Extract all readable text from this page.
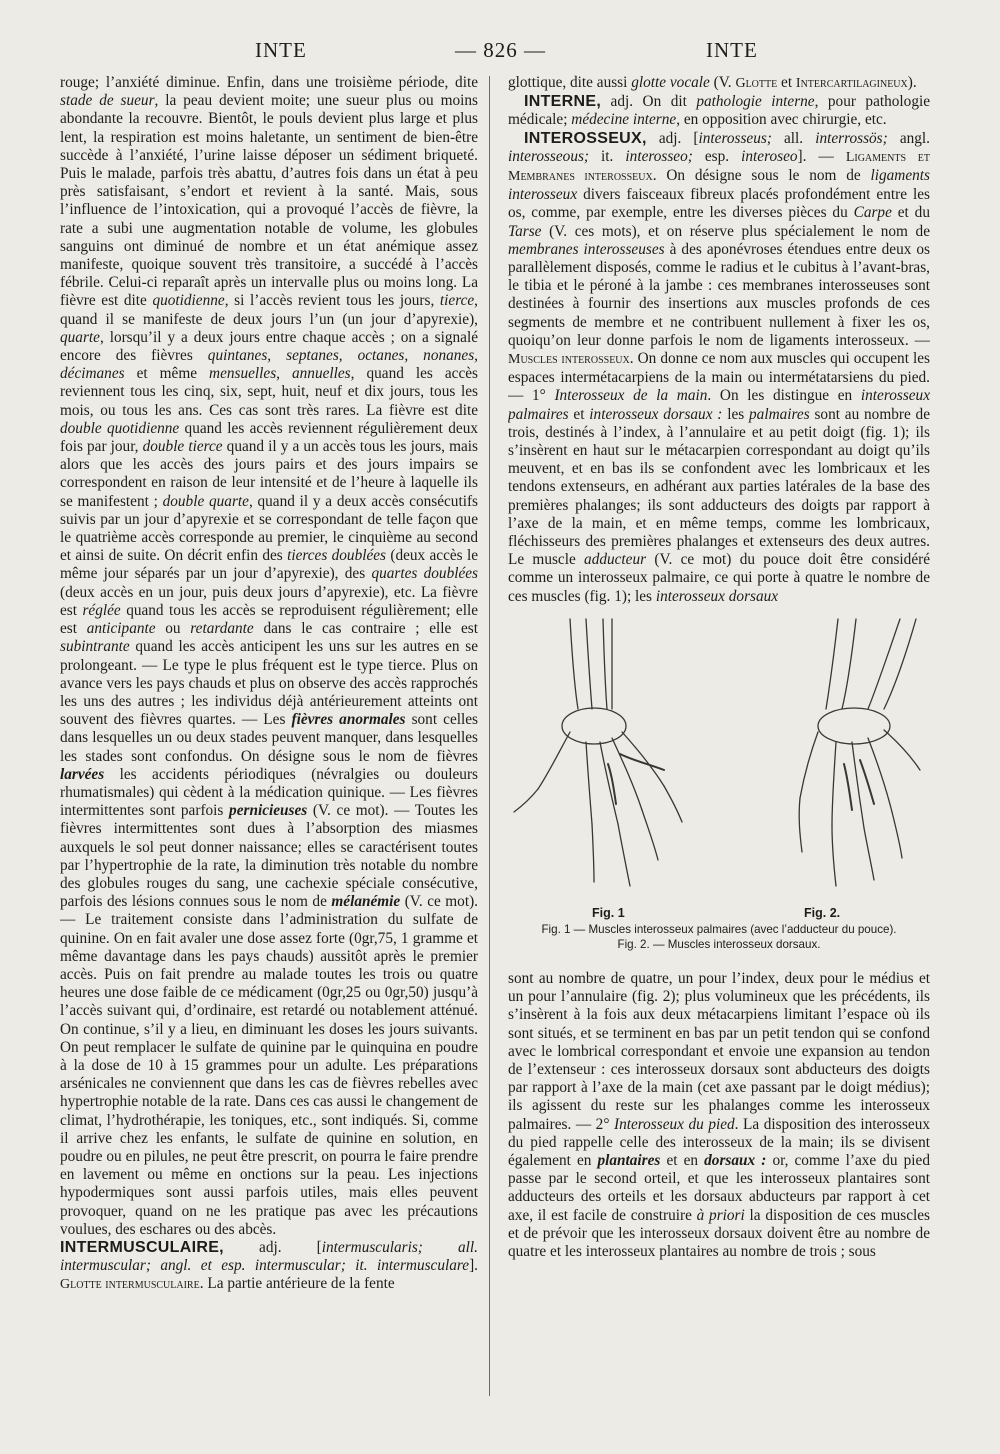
INTE	— 826 —	INTE

rouge; l’anxiété diminue. Enfin, dans une troisième période, dite stade de sueur, la peau devient moite; une sueur plus ou moins abondante la recouvre. Bientôt, le pouls devient plus large et plus lent, la respiration est moins haletante, un sentiment de bien-être succède à l’anxiété, l’urine laisse déposer un sédiment briqueté. Puis le malade, parfois très abattu, d’autres fois dans un état à peu près satisfaisant, s’endort et revient à la santé. Mais, sous l’influence de l’intoxication, qui a provoqué l’accès de fièvre, la rate a subi une augmentation notable de volume, les globules sanguins ont diminué de nombre et un état anémique assez manifeste, quoique souvent très transitoire, a succédé à l’accès fébrile. Celui-ci reparaît après un intervalle plus ou moins long. La fièvre est dite quotidienne, si l’accès revient tous les jours, tierce, quand il se manifeste de deux jours l’un (un jour d’apyrexie), quarte, lorsqu’il y a deux jours entre chaque accès ; on a signalé encore des fièvres quintanes, septanes, octanes, nonanes, décimanes et même mensuelles, annuelles, quand les accès reviennent tous les cinq, six, sept, huit, neuf et dix jours, tous les mois, ou tous les ans. Ces cas sont très rares. La fièvre est dite double quotidienne quand les accès reviennent régulièrement deux fois par jour, double tierce quand il y a un accès tous les jours, mais alors que les accès des jours pairs et des jours impairs se correspondent en raison de leur intensité et de l’heure à laquelle ils se manifestent ; double quarte, quand il y a deux accès consécutifs suivis par un jour d’apyrexie et se correspondant de telle façon que le quatrième accès corresponde au premier, le cinquième au second et ainsi de suite. On décrit enfin des tierces doublées (deux accès le même jour séparés par un jour d’apyrexie), des quartes doublées (deux accès en un jour, puis deux jours d’apyrexie), etc. La fièvre est réglée quand tous les accès se reproduisent régulièrement; elle est anticipante ou retardante dans le cas contraire ; elle est subintrante quand les accès anticipent les uns sur les autres en se prolongeant. — Le type le plus fréquent est le type tierce. Plus on avance vers les pays chauds et plus on observe des accès rapprochés les uns des autres ; les individus déjà antérieurement atteints ont souvent des fièvres quartes. — Les fièvres anormales sont celles dans lesquelles un ou deux stades peuvent manquer, dans lesquelles les stades sont confondus. On désigne sous le nom de fièvres larvées les accidents périodiques (névralgies ou douleurs rhumatismales) qui cèdent à la médication quinique. — Les fièvres intermittentes sont parfois pernicieuses (V. ce mot). — Toutes les fièvres intermittentes sont dues à l’absorption des miasmes auxquels le sol peut donner naissance; elles se caractérisent toutes par l’hypertrophie de la rate, la diminution très notable du nombre des globules rouges du sang, une cachexie spéciale consécutive, parfois des lésions connues sous le nom de mélanémie (V. ce mot). — Le traitement consiste dans l’administration du sulfate de quinine. On en fait avaler une dose assez forte (0gr,75, 1 gramme et même davantage dans les pays chauds) aussitôt après le premier accès. Puis on fait prendre au malade toutes les trois ou quatre heures une dose faible de ce médicament (0gr,25 ou 0gr,50) jusqu’à l’accès suivant qui, d’ordinaire, est retardé ou notablement atténué. On continue, s’il y a lieu, en diminuant les doses les jours suivants. On peut remplacer le sulfate de quinine par le quinquina en poudre à la dose de 10 à 15 grammes pour un adulte. Les préparations arsénicales ne conviennent que dans les cas de fièvres rebelles avec hypertrophie notable de la rate. Dans ces cas aussi le changement de climat, l’hydrothérapie, les toniques, etc., sont indiqués. Si, comme il arrive chez les enfants, le sulfate de quinine en solution, en poudre ou en pilules, ne peut être prescrit, on pourra le faire prendre en lavement ou même en onctions sur la peau. Les injections hypodermiques sont aussi parfois utiles, mais elles peuvent provoquer, quand on ne les pratique pas avec les précautions voulues, des eschares ou des abcès.

INTERMUSCULAIRE, adj. [intermuscularis; all. intermuscular; angl. et esp. intermuscular; it. intermusculare]. Glotte intermusculaire. La partie antérieure de la fente

glottique, dite aussi glotte vocale (V. Glotte et Intercartilagineux).

INTERNE, adj. On dit pathologie interne, pour pathologie médicale; médecine interne, en opposition avec chirurgie, etc.

INTEROSSEUX, adj. [interosseus; all. interrossös; angl. interosseous; it. interosseo; esp. interoseo]. — Ligaments et Membranes interosseux. On désigne sous le nom de ligaments interosseux divers faisceaux fibreux placés profondément entre les os, comme, par exemple, entre les diverses pièces du Carpe et du Tarse (V. ces mots), et on réserve plus spécialement le nom de membranes interosseuses à des aponévroses étendues entre deux os parallèlement disposés, comme le radius et le cubitus à l’avant-bras, le tibia et le péroné à la jambe : ces membranes interosseuses sont destinées à fournir des insertions aux muscles profonds de ces segments de membre et ne contribuent nullement à fixer les os, quoiqu’on leur donne parfois le nom de ligaments interosseux. — Muscles interosseux. On donne ce nom aux muscles qui occupent les espaces intermétacarpiens de la main ou intermétatarsiens du pied. — 1° Interosseux de la main. On les distingue en interosseux palmaires et interosseux dorsaux : les palmaires sont au nombre de trois, destinés à l’index, à l’annulaire et au petit doigt (fig. 1); ils s’insèrent en haut sur le métacarpien correspondant au doigt qu’ils meuvent, et en bas ils se confondent avec les lombricaux et les tendons extenseurs, en adhérant aux parties latérales de la base des premières phalanges; ils sont adducteurs des doigts par rapport à l’axe de la main, et en même temps, comme les lombricaux, fléchisseurs des premières phalanges et extenseurs des deux autres. Le muscle adducteur (V. ce mot) du pouce doit être considéré comme un interosseux palmaire, ce qui porte à quatre le nombre de ces muscles (fig. 1); les interosseux dorsaux

Fig. 1	Fig. 2.
Fig. 1 — Muscles interosseux palmaires (avec l’adducteur du pouce).
Fig. 2. — Muscles interosseux dorsaux.

sont au nombre de quatre, un pour l’index, deux pour le médius et un pour l’annulaire (fig. 2); plus volumineux que les précédents, ils s’insèrent à la fois aux deux métacarpiens limitant l’espace où ils sont situés, et se terminent en bas par un petit tendon qui se confond avec le lombrical correspondant et envoie une expansion au tendon de l’extenseur : ces interosseux dorsaux sont abducteurs des doigts par rapport à l’axe de la main (cet axe passant par le doigt médius); ils agissent du reste sur les phalanges comme les interosseux palmaires. — 2° Interosseux du pied. La disposition des interosseux du pied rappelle celle des interosseux de la main; ils se divisent également en plantaires et en dorsaux : or, comme l’axe du pied passe par le second orteil, et que les interosseux plantaires sont adducteurs des orteils et les dorsaux abducteurs par rapport à cet axe, il est facile de construire à priori la disposition de ces muscles et de prévoir que les interosseux dorsaux doivent être au nombre de quatre et les interosseux plantaires au nombre de trois ; sous
